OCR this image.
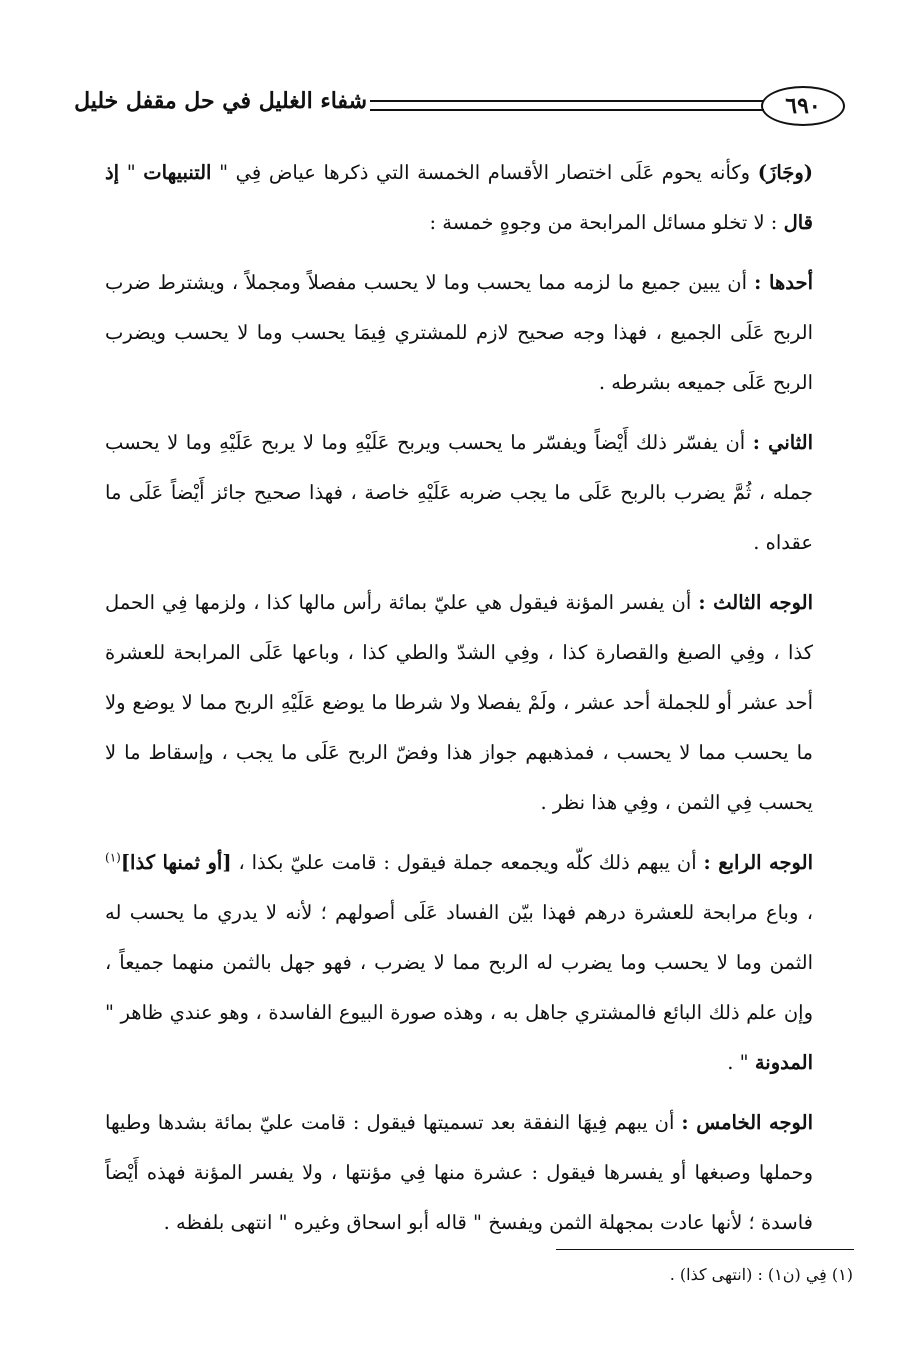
٦٩٠
شفاء الغليل في حل مقفل خليل

(وجَازَ) وكأنه يحوم عَلَى اختصار الأقسام الخمسة التي ذكرها عياض فِي " التنبيهات " إذ قال : لا تخلو مسائل المرابحة من وجوهٍ خمسة :

أحدها : أن يبين جميع ما لزمه مما يحسب وما لا يحسب مفصلاً ومجملاً ، ويشترط ضرب الربح عَلَى الجميع ، فهذا وجه صحيح لازم للمشتري فِيمَا يحسب وما لا يحسب ويضرب الربح عَلَى جميعه بشرطه .

الثاني : أن يفسّر ذلك أَيْضاً ويفسّر ما يحسب ويربح عَلَيْهِ وما لا يربح عَلَيْهِ وما لا يحسب جمله ، ثُمَّ يضرب بالربح عَلَى ما يجب ضربه عَلَيْهِ خاصة ، فهذا صحيح جائز أَيْضاً عَلَى ما عقداه .

الوجه الثالث : أن يفسر المؤنة فيقول هي عليّ بمائة رأس مالها كذا ، ولزمها فِي الحمل كذا ، وفِي الصبغ والقصارة كذا ، وفِي الشدّ والطي كذا ، وباعها عَلَى المرابحة للعشرة أحد عشر أو للجملة أحد عشر ، ولَمْ يفصلا ولا شرطا ما يوضع عَلَيْهِ الربح مما لا يوضع ولا ما يحسب مما لا يحسب ، فمذهبهم جواز هذا وفضّ الربح عَلَى ما يجب ، وإسقاط ما لا يحسب فِي الثمن ، وفِي هذا نظر .

الوجه الرابع : أن يبهم ذلك كلّه ويجمعه جملة فيقول : قامت عليّ بكذا ، [أو ثمنها كذا]$^{(١)}$ ، وباع مرابحة للعشرة درهم فهذا بيّن الفساد عَلَى أصولهم ؛ لأنه لا يدري ما يحسب له الثمن وما لا يحسب وما يضرب له الربح مما لا يضرب ، فهو جهل بالثمن منهما جميعاً ، وإن علم ذلك البائع فالمشتري جاهل به ، وهذه صورة البيوع الفاسدة ، وهو عندي ظاهر " المدونة " .

الوجه الخامس : أن يبهم فِيهَا النفقة بعد تسميتها فيقول : قامت عليّ بمائة بشدها وطيها وحملها وصبغها أو يفسرها فيقول : عشرة منها فِي مؤنتها ، ولا يفسر المؤنة فهذه أَيْضاً فاسدة ؛ لأنها عادت بمجهلة الثمن ويفسخ " قاله أبو اسحاق وغيره " انتهى بلفظه .

(١) فِي (ن١) : (انتهى كذا) .
